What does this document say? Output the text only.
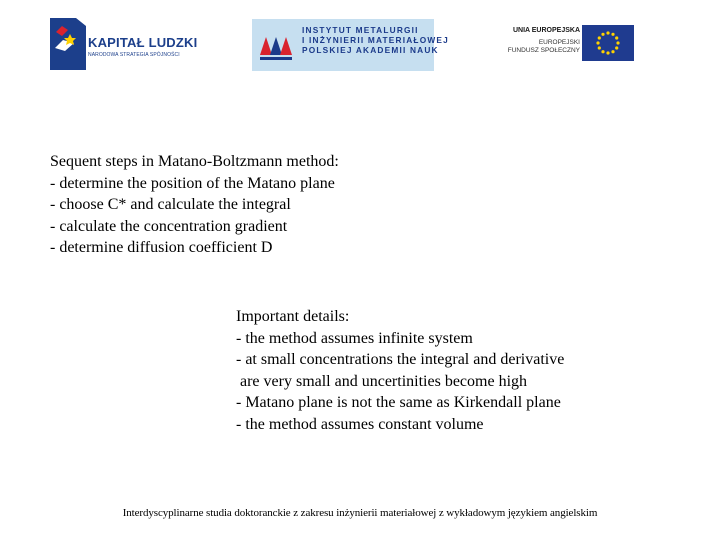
KAPITAŁ LUDZKI
NARODOWA STRATEGIA SPÓJNOŚCI
INSTYTUT METALURGII
I INŻYNIERII MATERIAŁOWEJ
POLSKIEJ AKADEMII NAUK
UNIA EUROPEJSKA
EUROPEJSKI
FUNDUSZ SPOŁECZNY
Sequent steps in Matano-Boltzmann method:
- determine the position of the Matano plane
- choose C* and calculate the integral
- calculate the concentration gradient
- determine diffusion coefficient D
Important details:
- the method assumes infinite system
- at small concentrations the integral and derivative
are very small and uncertinities become high
- Matano plane is not the same as Kirkendall plane
- the method assumes constant volume
Interdyscyplinarne studia doktoranckie z zakresu inżynierii materiałowej z wykładowym językiem angielskim
